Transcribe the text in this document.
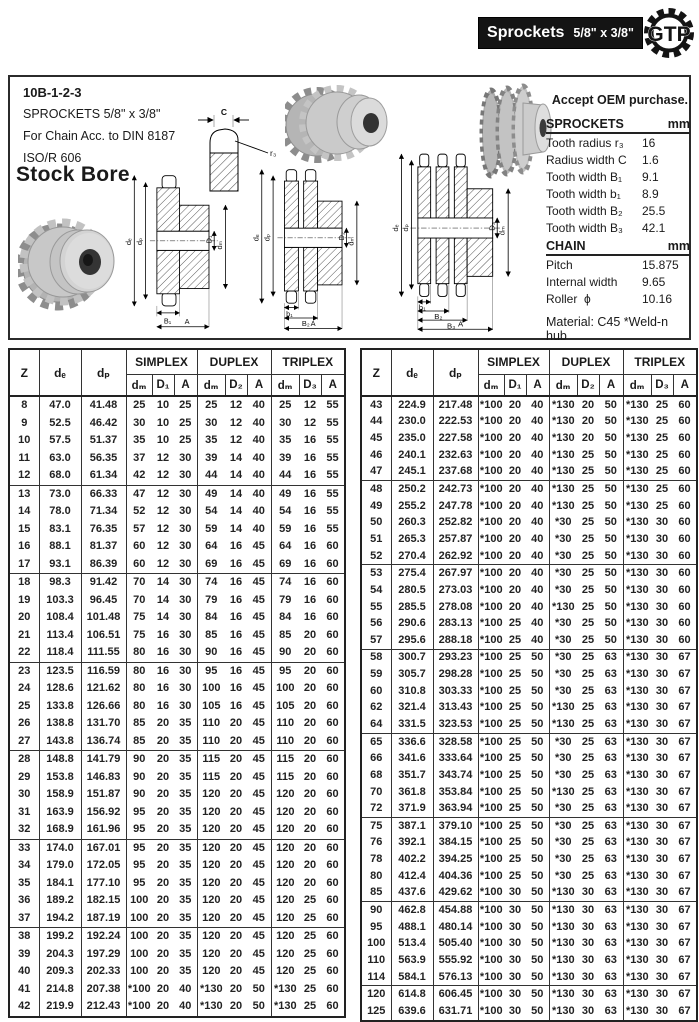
Sprockets 5/8" x 3/8" GTP
10B-1-2-3
SPROCKETS 5/8" x 3/8"
For Chain Acc. to DIN 8187
ISO/R 606
Stock Bore
C
r₃
dₑ dₚ	D₁
dₘ
B₁ A
dₑ dₚ	D₂
dₘ
b₁
B₂ A
dₑ dₚ	D₃ dₘ
b₁
B₂
B₃ A
Accept OEM purchase.
SPROCKETS	mm
Tooth radius r₃	16
Radius width C	1.6
Tooth width B₁	9.1
Tooth width b₁	8.9
Tooth width B₂	25.5
Tooth width B₃	42.1
CHAIN	mm
Pitch	15.875
Internal width	9.65
Roller  ϕ	10.16
Material: C45 *Weld-n hub
Z	dₑ	dₚ	SIMPLEX			DUPLEX			TRIPLEX		
			dₘ	D₁	A	dₘ	D₂	A	dₘ	D₃	A
8	47.0	41.48	25	10	25	25	12	40	25	12	55
9	52.5	46.42	30	10	25	30	12	40	30	12	55
10	57.5	51.37	35	10	25	35	12	40	35	16	55
11	63.0	56.35	37	12	30	39	14	40	39	16	55
12	68.0	61.34	42	12	30	44	14	40	44	16	55
13	73.0	66.33	47	12	30	49	14	40	49	16	55
14	78.0	71.34	52	12	30	54	14	40	54	16	55
15	83.1	76.35	57	12	30	59	14	40	59	16	55
16	88.1	81.37	60	12	30	64	16	45	64	16	60
17	93.1	86.39	60	12	30	69	16	45	69	16	60
18	98.3	91.42	70	14	30	74	16	45	74	16	60
19	103.3	96.45	70	14	30	79	16	45	79	16	60
20	108.4	101.48	75	14	30	84	16	45	84	16	60
21	113.4	106.51	75	16	30	85	16	45	85	20	60
22	118.4	111.55	80	16	30	90	16	45	90	20	60
23	123.5	116.59	80	16	30	95	16	45	95	20	60
24	128.6	121.62	80	16	30	100	16	45	100	20	60
25	133.8	126.66	80	16	30	105	16	45	105	20	60
26	138.8	131.70	85	20	35	110	20	45	110	20	60
27	143.8	136.74	85	20	35	110	20	45	110	20	60
28	148.8	141.79	90	20	35	115	20	45	115	20	60
29	153.8	146.83	90	20	35	115	20	45	115	20	60
30	158.9	151.87	90	20	35	120	20	45	120	20	60
31	163.9	156.92	95	20	35	120	20	45	120	20	60
32	168.9	161.96	95	20	35	120	20	45	120	20	60
33	174.0	167.01	95	20	35	120	20	45	120	20	60
34	179.0	172.05	95	20	35	120	20	45	120	20	60
35	184.1	177.10	95	20	35	120	20	45	120	20	60
36	189.2	182.15	100	20	35	120	20	45	120	25	60
37	194.2	187.19	100	20	35	120	20	45	120	25	60
38	199.2	192.24	100	20	35	120	20	45	120	25	60
39	204.3	197.29	100	20	35	120	20	45	120	25	60
40	209.3	202.33	100	20	35	120	20	45	120	25	60
41	214.8	207.38	*100	20	40	*130	20	50	*130	25	60
42	219.9	212.43	*100	20	40	*130	20	50	*130	25	60
Z	dₑ	dₚ	SIMPLEX			DUPLEX			TRIPLEX		
			dₘ	D₁	A	dₘ	D₂	A	dₘ	D₃	A
43	224.9	217.48	*100	20	40	*130	20	50	*130	25	60
44	230.0	222.53	*100	20	40	*130	20	50	*130	25	60
45	235.0	227.58	*100	20	40	*130	20	50	*130	25	60
46	240.1	232.63	*100	20	40	*130	25	50	*130	25	60
47	245.1	237.68	*100	20	40	*130	25	50	*130	25	60
48	250.2	242.73	*100	20	40	*130	25	50	*130	25	60
49	255.2	247.78	*100	20	40	*130	25	50	*130	25	60
50	260.3	252.82	*100	20	40	*30	25	50	*130	30	60
51	265.3	257.87	*100	20	40	*30	25	50	*130	30	60
52	270.4	262.92	*100	20	40	*30	25	50	*130	30	60
53	275.4	267.97	*100	20	40	*30	25	50	*130	30	60
54	280.5	273.03	*100	20	40	*30	25	50	*130	30	60
55	285.5	278.08	*100	20	40	*130	25	50	*130	30	60
56	290.6	283.13	*100	25	40	*30	25	50	*130	30	60
57	295.6	288.18	*100	25	40	*30	25	50	*130	30	60
58	300.7	293.23	*100	25	50	*30	25	63	*130	30	67
59	305.7	298.28	*100	25	50	*30	25	63	*130	30	67
60	310.8	303.33	*100	25	50	*30	25	63	*130	30	67
62	321.4	313.43	*100	25	50	*130	25	63	*130	30	67
64	331.5	323.53	*100	25	50	*130	25	63	*130	30	67
65	336.6	328.58	*100	25	50	*30	25	63	*130	30	67
66	341.6	333.64	*100	25	50	*30	25	63	*130	30	67
68	351.7	343.74	*100	25	50	*30	25	63	*130	30	67
70	361.8	353.84	*100	25	50	*130	25	63	*130	30	67
72	371.9	363.94	*100	25	50	*30	25	63	*130	30	67
75	387.1	379.10	*100	25	50	*30	25	63	*130	30	67
76	392.1	384.15	*100	25	50	*30	25	63	*130	30	67
78	402.2	394.25	*100	25	50	*30	25	63	*130	30	67
80	412.4	404.36	*100	25	50	*30	25	63	*130	30	67
85	437.6	429.62	*100	30	50	*130	30	63	*130	30	67
90	462.8	454.88	*100	30	50	*130	30	63	*130	30	67
95	488.1	480.14	*100	30	50	*130	30	63	*130	30	67
100	513.4	505.40	*100	30	50	*130	30	63	*130	30	67
110	563.9	555.92	*100	30	50	*130	30	63	*130	30	67
114	584.1	576.13	*100	30	50	*130	30	63	*130	30	67
120	614.8	606.45	*100	30	50	*130	30	63	*130	30	67
125	639.6	631.71	*100	30	50	*130	30	63	*130	30	67
